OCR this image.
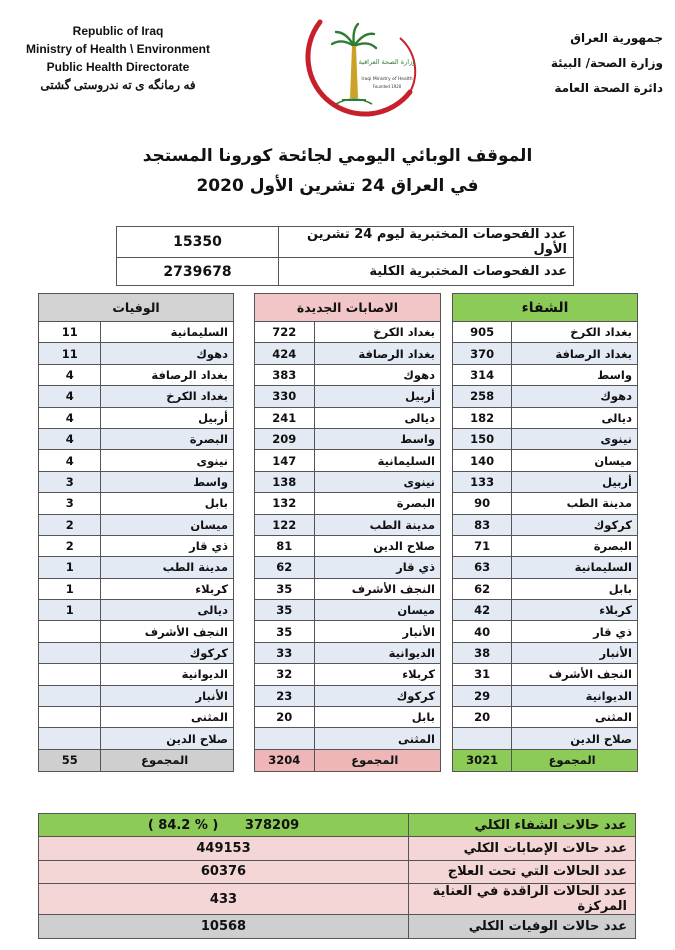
Republic of Iraq
Ministry of Health \ Environment
Public Health Directorate
فه رمانگه ى ته ندروستى گشتى
جمهورية العراق
وزارة الصحة/ البيئة
دائرة الصحة العامة
وزارة الصحة العراقية
Iraqi Ministry of Health
Founded 1920
الموقف الوبائي اليومي لجائحة كورونا المستجد
في العراق 24 تشرين الأول 2020
15350	عدد الفحوصات المختبرية ليوم 24 تشرين الأول
2739678	عدد الفحوصات المختبرية الكلية
الوفيات	
11	السليمانية
11	دهوك
4	بغداد الرصافة
4	بغداد الكرخ
4	أربيل
4	البصرة
4	نينوى
3	واسط
3	بابل
2	ميسان
2	ذي قار
1	مدينة الطب
1	كربلاء
1	ديالى
	النجف الأشرف
	كركوك
	الديوانية
	الأنبار
	المثنى
	صلاح الدين
55	المجموع
الاصابات الجديدة	
722	بغداد الكرخ
424	بغداد الرصافة
383	دهوك
330	أربيل
241	ديالى
209	واسط
147	السليمانية
138	نينوى
132	البصرة
122	مدينة الطب
81	صلاح الدين
62	ذي قار
35	النجف الأشرف
35	ميسان
35	الأنبار
33	الديوانية
32	كربلاء
23	كركوك
20	بابل
	المثنى
3204	المجموع
الشفاء	
905	بغداد الكرخ
370	بغداد الرصافة
314	واسط
258	دهوك
182	ديالى
150	نينوى
140	ميسان
133	أربيل
90	مدينة الطب
83	كركوك
71	البصرة
63	السليمانية
62	بابل
42	كربلاء
40	ذي قار
38	الأنبار
31	النجف الأشرف
29	الديوانية
20	المثنى
	صلاح الدين
3021	المجموع
( 84.2 % ) 378209	عدد حالات الشفاء الكلي
449153	عدد حالات الإصابات الكلي
60376	عدد الحالات التي تحت العلاج
433	عدد الحالات الراقدة في العناية المركزة
10568	عدد حالات الوفيات الكلي
